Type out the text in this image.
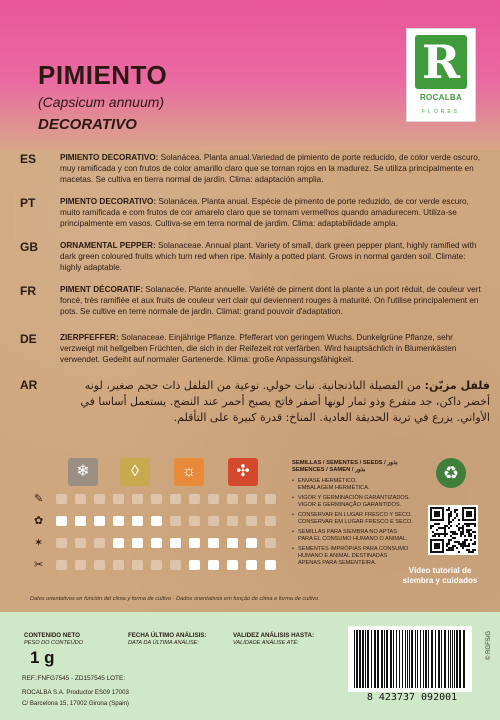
PIMIENTO
(Capsicum annuum)
DECORATIVO
R
ROCALBA
FLORES
ES	PIMIENTO DECORATIVO: Solanácea. Planta anual.Variedad de pimiento de porte reducido, de color verde oscuro, muy ramificada y con frutos de color amarillo claro que se tornan rojos en la madurez. Se utiliza principalmente en macetas. Se cultiva en tierra normal de jardín. Clima: adaptación amplia.
PT	PIMENTO DECORATIVO: Solanácea. Planta anual. Espécie de pimento de porte reduzido, de cor verde escuro, muito ramificada e com frutos de cor amarelo claro que se tornam vermelhos quando amadurecem. Utiliza-se principalmente em vasos. Cultiva-se em terra normal de jardim. Clima: adaptabilidade ampla.
GB	ORNAMENTAL PEPPER: Solanaceae. Annual plant. Variety of small, dark green pepper plant, highly ramified with dark green coloured fruits which turn red when ripe. Mainly a potted plant. Grows in normal garden soil. Climate: highly adaptable.
FR	PIMENT DÉCORATIF: Solanacée. Plante annuelle. Variété de piment dont la plante a un port réduit, de couleur vert foncé, très ramifiée et aux fruits de couleur vert clair qui deviennent rouges à maturité. On l'utilise principalement en pots. Se cultive en terre normale de jardin. Climat: grand pouvoir d'adaptation.
DE	ZIERPFEFFER: Solanaceae. Einjährige Pflanze. Pfefferart von geringem Wuchs. Dunkelgrüne Pflanze, sehr verzweigt mit hellgelben Früchten, die sich in der Reifezeit rot verfärben. Wird hauptsächlich in Blumenkästen verwendet. Gedeiht auf normaler Gartenerde. Klima: große Anpassungsfähigkeit.
AR	فلفل مزيّن: من الفصيلة الباذنجانية. نبات حولي. نوعية من الفلفل ذات حجم صغير، لونه أخضر داكن، جد متفرع وذو ثمار لونها أصفر فاتح يصبح أحمر عند النضج. يستعمل أساسا في الأواني. يزرع في تربة الحديقة العادية. المناخ: قدرة كبيرة على التأقلم.
❄	◊	☼	✣
✎
✿
✶
✂
Datos orientativos en función del clima y forma de cultivo · Dados orientativos em função de clima e forma de cultivo
SEMILLAS / SEMENTES / SEEDS / بذور
SEMENCES / SAMEN / بذور
• ENVASE HERMÉTICO.
EMBALAGEM HERMÉTICA.
• VIGOR Y GERMINACIÓN GARANTIZADOS.
VIGOR E GERMINAÇÃO GARANTIDOS.
• CONSERVAR EN LUGAR FRESCO Y SECO.
CONSERVAR EM LUGAR FRESCO E SECO.
• SEMILLAS PARA SIEMBRA NO APTAS
PARA EL CONSUMO HUMANO O ANIMAL.
• SEMENTES IMPRÓPIAS PARA CONSUMO
HUMANO E ANIMAL DESTINADAS
APENAS PARA SEMENTEIRA.
♻
Vídeo tutorial de
siembra y cuidados
CONTENIDO NETO
PESO DO CONTEÚDO
1 g
FECHA ÚLTIMO ANÁLISIS:
DATA DA ÚLTIMA ANÁLISE:
VALIDEZ ANÁLISIS HASTA:
VALIDADE ANÁLISE ATÉ:
REF.:FNFG7545 - ZD157545 LOTE:
ROCALBA S.A. Productor ES09 17003
C/ Barcelona 15, 17002 Girona (Spain)
8 423737 092001
© RGFS/G
